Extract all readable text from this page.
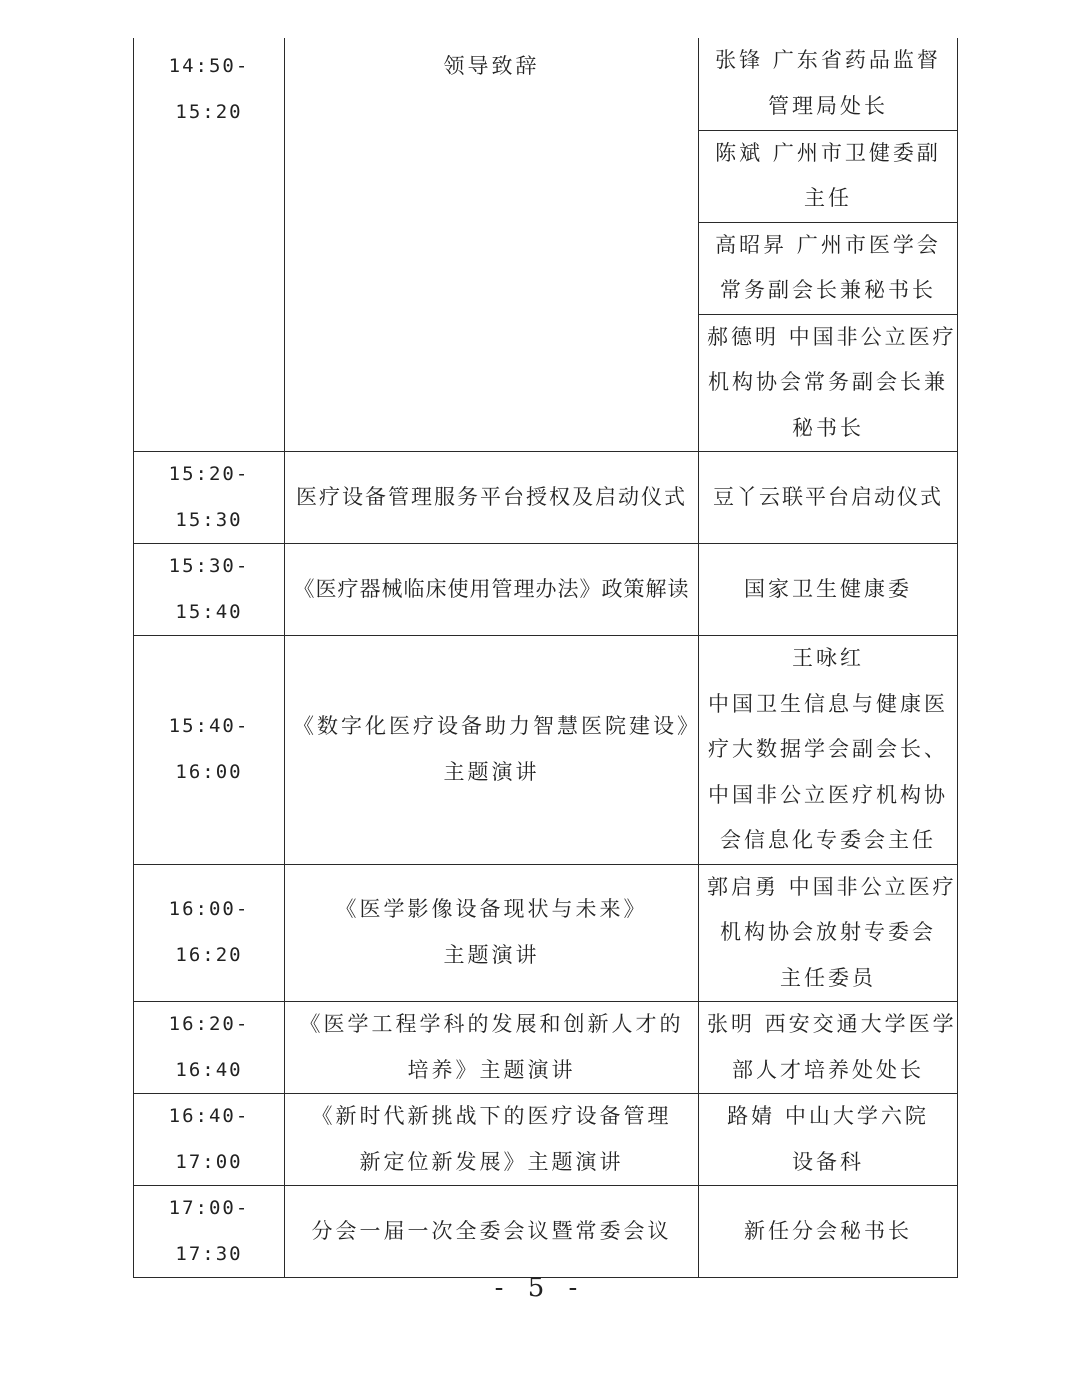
14:50-15:20	领导致辞	张锋 广东省药品监督
管理局处长

		陈斌 广州市卫健委副
主任

		高昭昇 广州市医学会
常务副会长兼秘书长

		郝德明 中国非公立医疗
机构协会常务副会长兼
秘书长

15:20-15:30	医疗设备管理服务平台授权及启动仪式	豆丫云联平台启动仪式

15:30-15:40	《医疗器械临床使用管理办法》政策解读	国家卫生健康委

15:40-16:00	《数字化医疗设备助力智慧医院建设》
主题演讲	王咏红
中国卫生信息与健康医
疗大数据学会副会长、
中国非公立医疗机构协
会信息化专委会主任

16:00-16:20	《医学影像设备现状与未来》
主题演讲	郭启勇 中国非公立医疗
机构协会放射专委会
主任委员

16:20-16:40	《医学工程学科的发展和创新人才的
培养》主题演讲	张明 西安交通大学医学
部人才培养处处长

16:40-17:00	《新时代新挑战下的医疗设备管理
新定位新发展》主题演讲	路婧 中山大学六院
设备科

17:00-17:30	分会一届一次全委会议暨常委会议	新任分会秘书长
- 5 -
